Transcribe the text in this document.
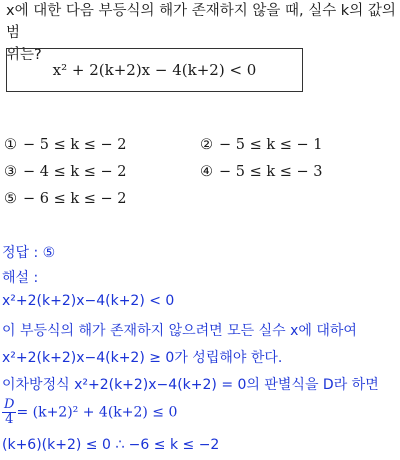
x에 대한 다음 부등식의 해가 존재하지 않을 때, 실수 k의 값의 범
위는?
x² + 2(k+2)x − 4(k+2) < 0
① − 5 ≤ k ≤ − 2	② − 5 ≤ k ≤ − 1
③ − 4 ≤ k ≤ − 2	④ − 5 ≤ k ≤ − 3
⑤ − 6 ≤ k ≤ − 2
정답 : ⑤
해설 :
x²+2(k+2)x−4(k+2) < 0
이 부등식의 해가 존재하지 않으려면 모든 실수 x에 대하여
x²+2(k+2)x−4(k+2) ≥ 0가 성립해야 한다.
이차방정식 x²+2(k+2)x−4(k+2) = 0의 판별식을 D라 하면
$\frac{D}{4} = (k+2)^2 + 4(k+2) \le 0$
(k+6)(k+2) ≤ 0 ∴ −6 ≤ k ≤ −2
